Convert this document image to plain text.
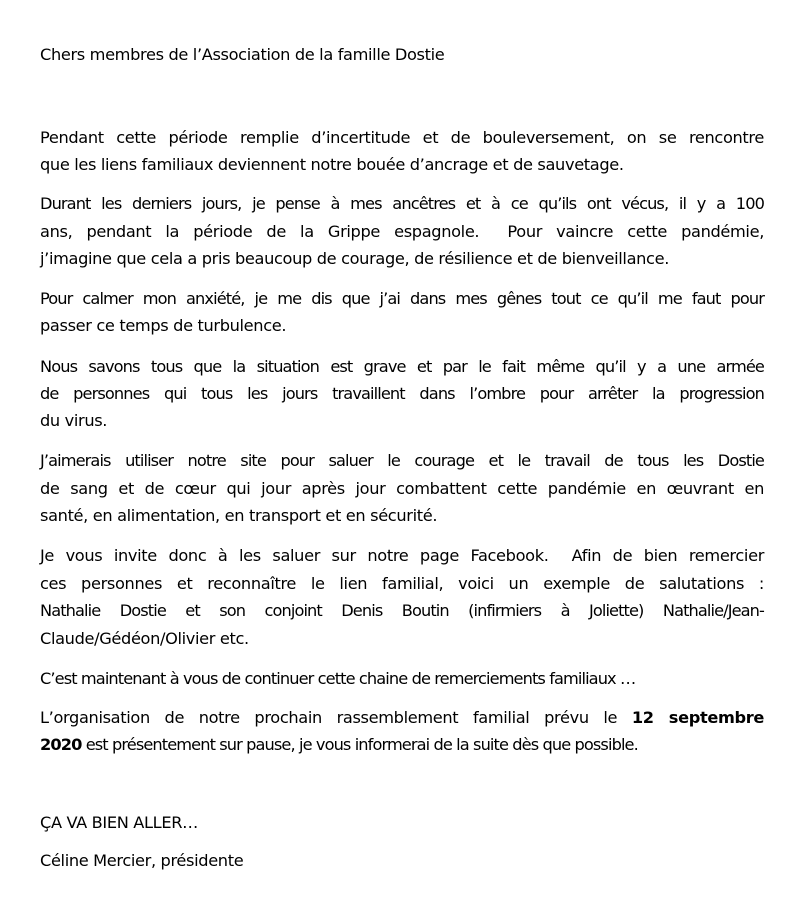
Chers membres de l’Association de la famille Dostie
Pendant cette période remplie d’incertitude et de bouleversement, on se rencontre
que les liens familiaux deviennent notre bouée d’ancrage et de sauvetage.
Durant les derniers jours, je pense à mes ancêtres et à ce qu’ils ont vécus, il y a 100
ans, pendant la période de la Grippe espagnole.  Pour vaincre cette pandémie,
j’imagine que cela a pris beaucoup de courage, de résilience et de bienveillance.
Pour calmer mon anxiété, je me dis que j’ai dans mes gênes tout ce qu’il me faut pour
passer ce temps de turbulence.
Nous savons tous que la situation est grave et par le fait même qu’il y a une armée
de personnes qui tous les jours travaillent dans l’ombre pour arrêter la progression
du virus.
J’aimerais utiliser notre site pour saluer le courage et le travail de tous les Dostie
de sang et de cœur qui jour après jour combattent cette pandémie en œuvrant en
santé, en alimentation, en transport et en sécurité.
Je vous invite donc à les saluer sur notre page Facebook.  Afin de bien remercier
ces personnes et reconnaître le lien familial, voici un exemple de salutations :
Nathalie Dostie et son conjoint Denis Boutin (infirmiers à Joliette) Nathalie/Jean-
Claude/Gédéon/Olivier etc.
C’est maintenant à vous de continuer cette chaine de remerciements familiaux …
L’organisation de notre prochain rassemblement familial prévu le 12 septembre
2020 est présentement sur pause, je vous informerai de la suite dès que possible.
ÇA VA BIEN ALLER…
Céline Mercier, présidente
